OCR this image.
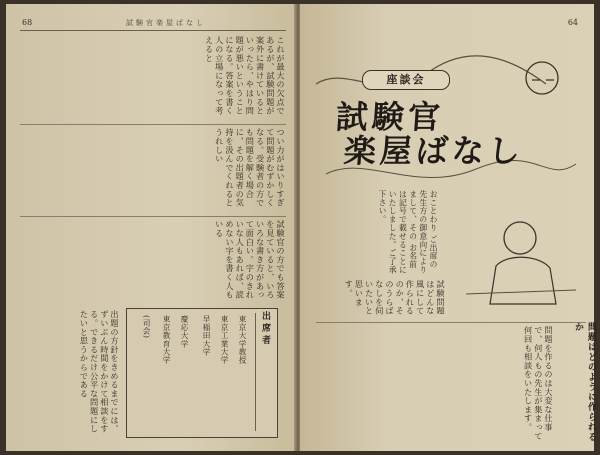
68	試験官楽屋ばなし
これが最大の欠点であるが、試験問題が案外に書けているといったら、やはり問題が悪いということになる。答案を書く人の立場になって考えると
つい力がはいりすぎて問題がむずかしくなる。受験者の方でも問題を解く場合に、その出題者の気持を汲んでくれるとうれしい
試験官の方でも答案を見ていると、いろいろな書き方があって面白い。字のきれいな人もあれば、読めない字を書く人もいる
出題の方針をきめるまでには、ずいぶん時間をかけて相談をする。できるだけ公平な問題にしたいと思うからである	出席者
東京大学教授
東京工業大学
早稲田大学
慶応大学
東京教育大学
(司会)
64
座談会
試験官
楽屋ばなし
おことわり ご出席の先生方の御意向によりまして、その お名前は記号で載せることにいたしました。ご了承下さい。
試験問題はどんな風にして作られるのか、そのうらばなしを伺いたいと思います。
問題を作るのは大変な仕事で、何人もの先生が集まって何回も相談をいたします。	問題はどのように作られるか
